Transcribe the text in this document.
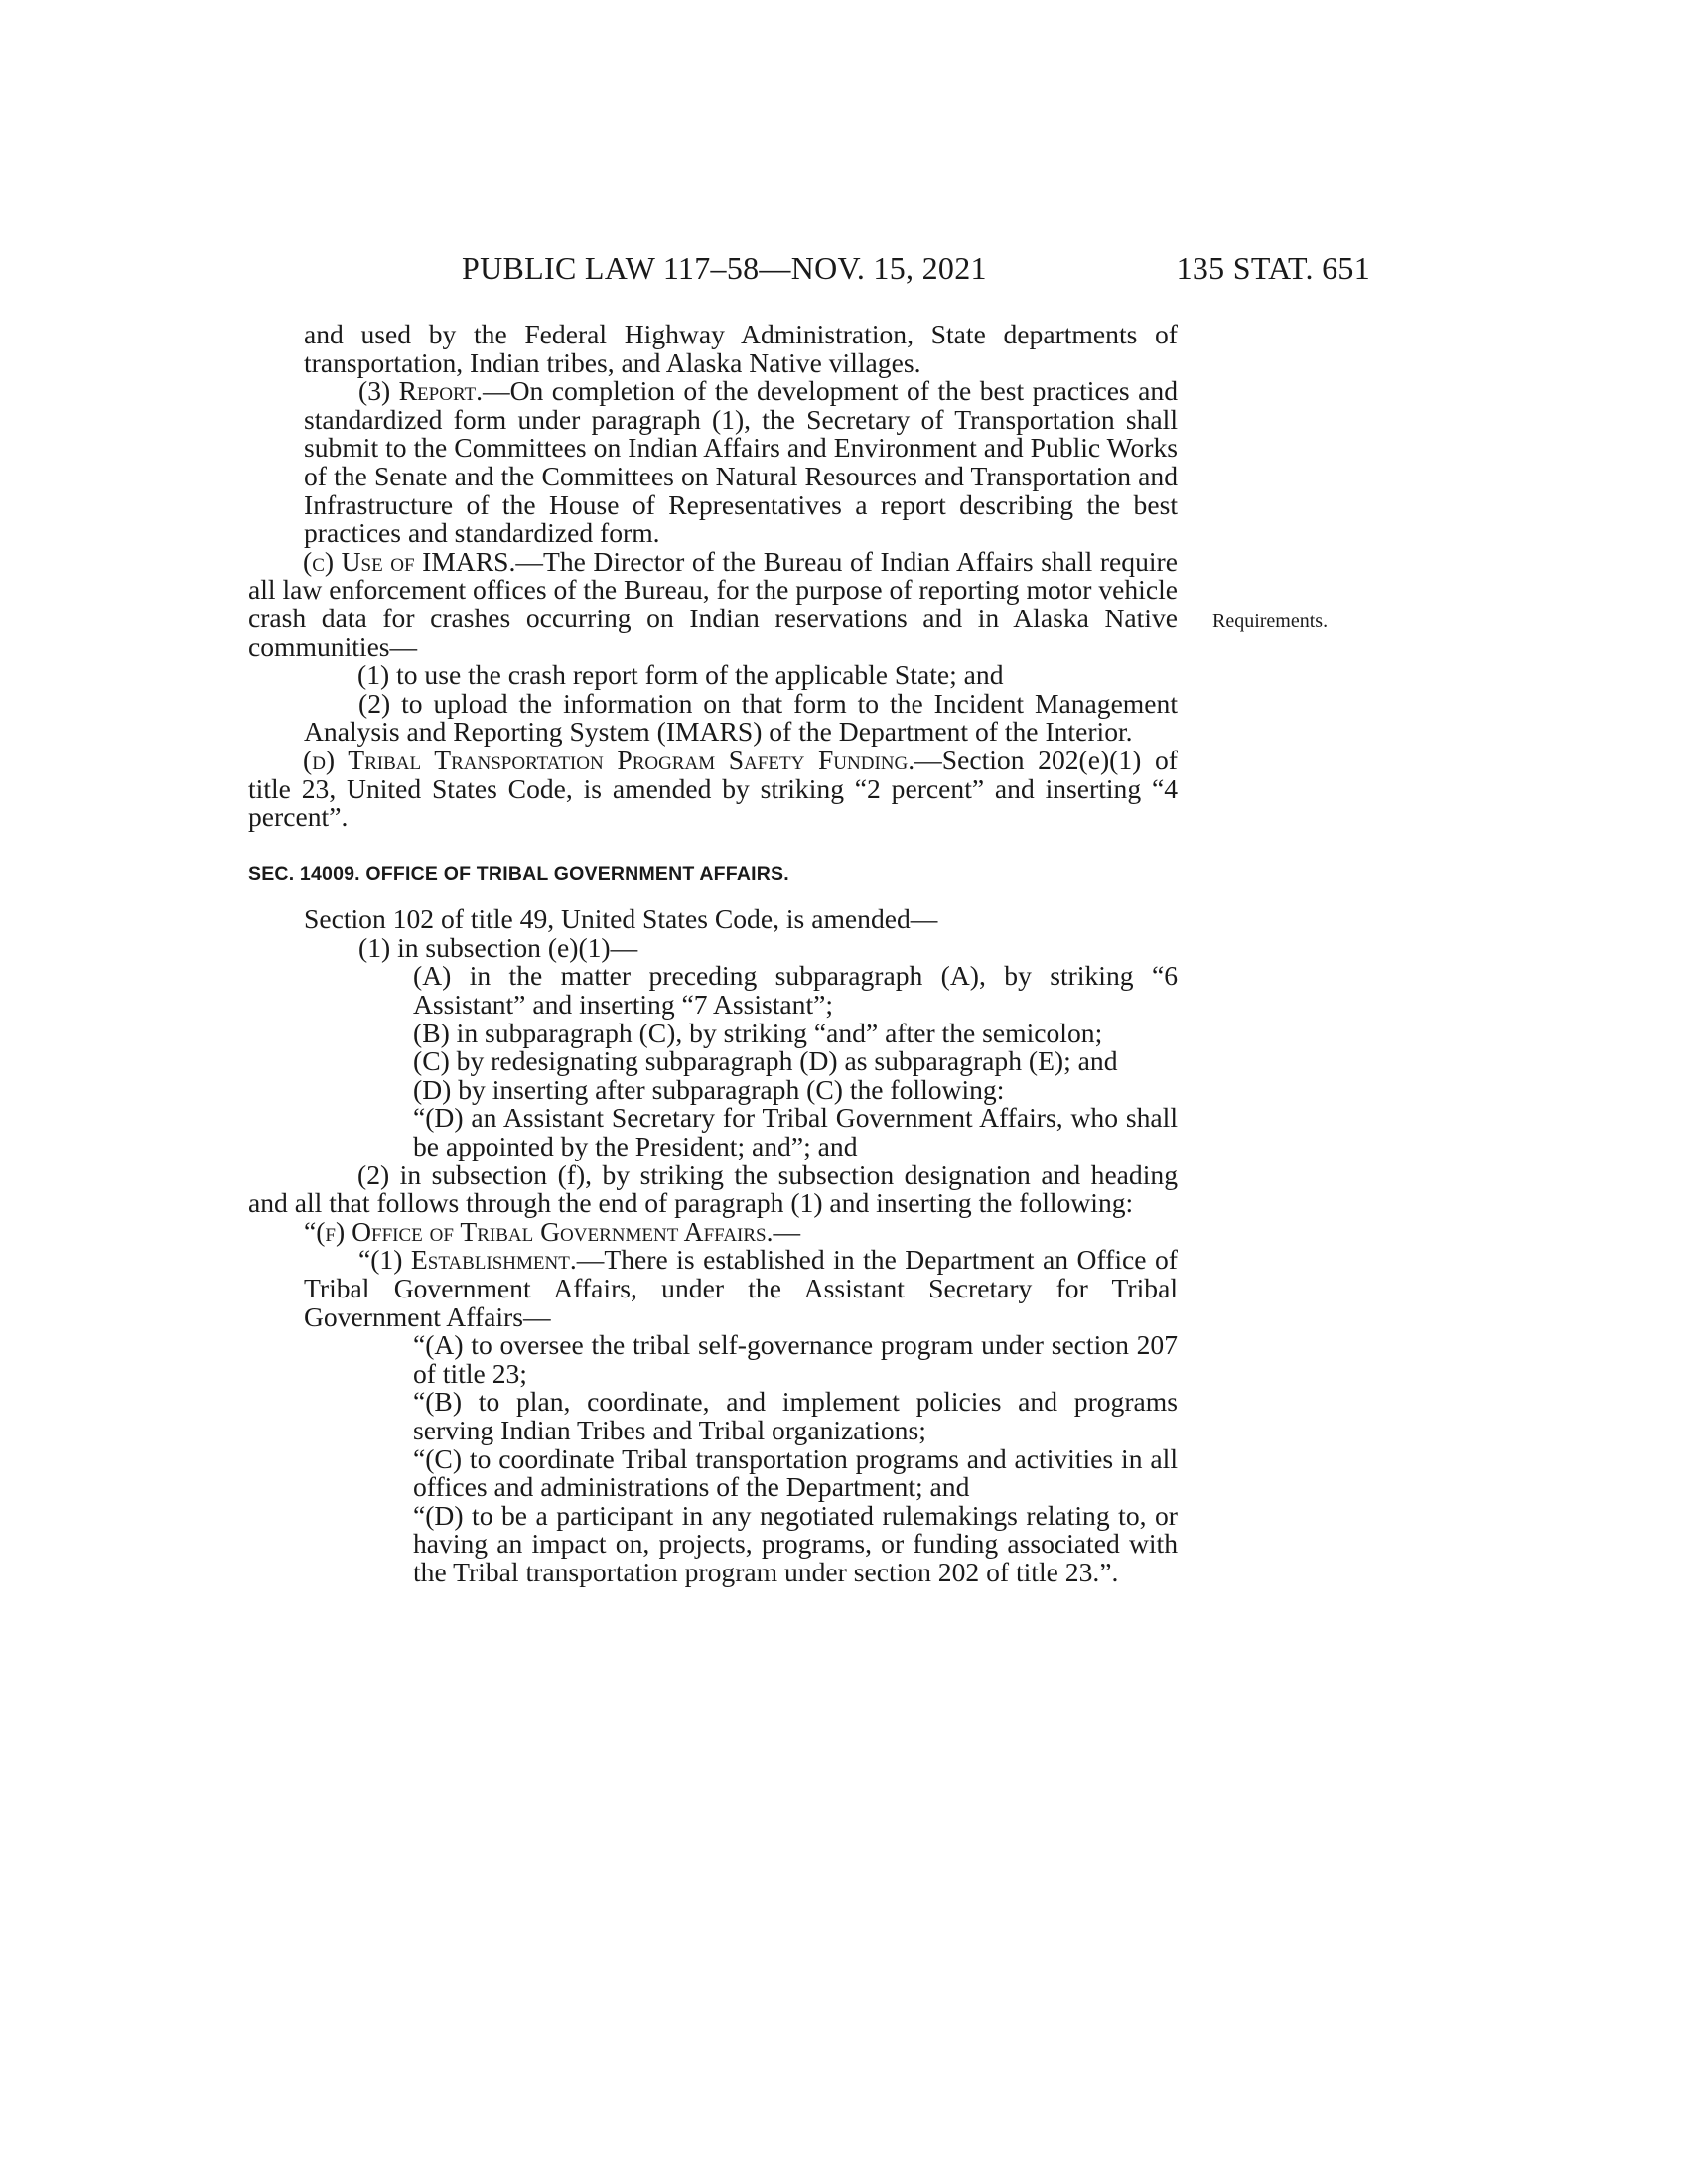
PUBLIC LAW 117–58—NOV. 15, 2021	135 STAT. 651
Requirements.

and used by the Federal Highway Administration, State departments of transportation, Indian tribes, and Alaska Native villages.

(3) Report.—On completion of the development of the best practices and standardized form under paragraph (1), the Secretary of Transportation shall submit to the Committees on Indian Affairs and Environment and Public Works of the Senate and the Committees on Natural Resources and Transportation and Infrastructure of the House of Representatives a report describing the best practices and standardized form.

(c) Use of IMARS.—The Director of the Bureau of Indian Affairs shall require all law enforcement offices of the Bureau, for the purpose of reporting motor vehicle crash data for crashes occurring on Indian reservations and in Alaska Native communities—

(1) to use the crash report form of the applicable State; and

(2) to upload the information on that form to the Incident Management Analysis and Reporting System (IMARS) of the Department of the Interior.

(d) Tribal Transportation Program Safety Funding.—Section 202(e)(1) of title 23, United States Code, is amended by striking “2 percent” and inserting “4 percent”.

SEC. 14009. OFFICE OF TRIBAL GOVERNMENT AFFAIRS.

Section 102 of title 49, United States Code, is amended—

(1) in subsection (e)(1)—

(A) in the matter preceding subparagraph (A), by striking “6 Assistant” and inserting “7 Assistant”;

(B) in subparagraph (C), by striking “and” after the semicolon;

(C) by redesignating subparagraph (D) as subparagraph (E); and

(D) by inserting after subparagraph (C) the following:

“(D) an Assistant Secretary for Tribal Government Affairs, who shall be appointed by the President; and”; and

(2) in subsection (f), by striking the subsection designation and heading and all that follows through the end of paragraph (1) and inserting the following:

“(f) Office of Tribal Government Affairs.—

“(1) Establishment.—There is established in the Department an Office of Tribal Government Affairs, under the Assistant Secretary for Tribal Government Affairs—

“(A) to oversee the tribal self-governance program under section 207 of title 23;

“(B) to plan, coordinate, and implement policies and programs serving Indian Tribes and Tribal organizations;

“(C) to coordinate Tribal transportation programs and activities in all offices and administrations of the Department; and

“(D) to be a participant in any negotiated rulemakings relating to, or having an impact on, projects, programs, or funding associated with the Tribal transportation program under section 202 of title 23.”.
